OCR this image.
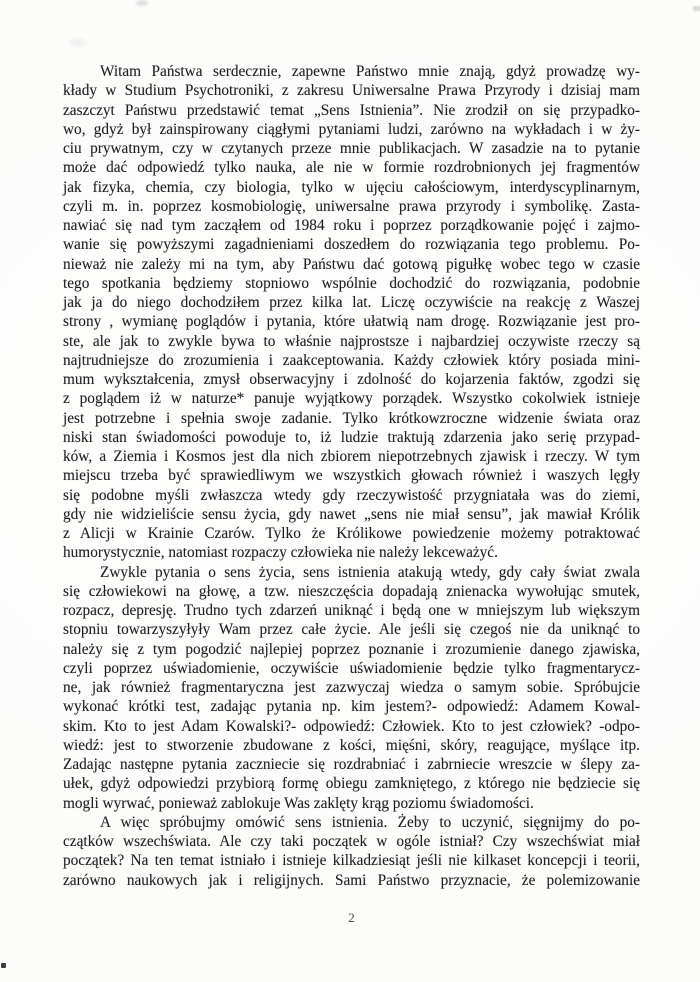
Witam Państwa serdecznie, zapewne Państwo mnie znają, gdyż prowadzę wy-
kłady w Studium Psychotroniki, z zakresu Uniwersalne Prawa Przyrody i dzisiaj mam
zaszczyt Państwu przedstawić temat „Sens Istnienia”. Nie zrodził on się przypadko-
wo, gdyż był zainspirowany ciągłymi pytaniami ludzi, zarówno na wykładach i w ży-
ciu prywatnym, czy w czytanych przeze mnie publikacjach. W zasadzie na to pytanie
może dać odpowiedź tylko nauka, ale nie w formie rozdrobnionych jej fragmentów
jak fizyka, chemia, czy biologia, tylko w ujęciu całościowym, interdyscyplinarnym,
czyli m. in. poprzez kosmobiologię, uniwersalne prawa przyrody i symbolikę. Zasta-
nawiać się nad tym zacząłem od 1984 roku i poprzez porządkowanie pojęć i zajmo-
wanie się powyższymi zagadnieniami doszedłem do rozwiązania tego problemu. Po-
nieważ nie zależy mi na tym, aby Państwu dać gotową pigułkę wobec tego w czasie
tego spotkania będziemy stopniowo wspólnie dochodzić do rozwiązania, podobnie
jak ja do niego dochodziłem przez kilka lat. Liczę oczywiście na reakcję z Waszej
strony , wymianę poglądów i pytania, które ułatwią nam drogę. Rozwiązanie jest pro-
ste, ale jak to zwykle bywa to właśnie najprostsze i najbardziej oczywiste rzeczy są
najtrudniejsze do zrozumienia i zaakceptowania. Każdy człowiek który posiada mini-
mum wykształcenia, zmysł obserwacyjny i zdolność do kojarzenia faktów, zgodzi się
z poglądem iż w naturze* panuje wyjątkowy porządek. Wszystko cokolwiek istnieje
jest potrzebne i spełnia swoje zadanie. Tylko krótkowzroczne widzenie świata oraz
niski stan świadomości powoduje to, iż ludzie traktują zdarzenia jako serię przypad-
ków, a Ziemia i Kosmos jest dla nich zbiorem niepotrzebnych zjawisk i rzeczy. W tym
miejscu trzeba być sprawiedliwym we wszystkich głowach również i waszych lęgły
się podobne myśli zwłaszcza wtedy gdy rzeczywistość przygniatała was do ziemi,
gdy nie widzieliście sensu życia, gdy nawet „sens nie miał sensu”, jak mawiał Królik
z Alicji w Krainie Czarów. Tylko że Królikowe powiedzenie możemy potraktować
humorystycznie, natomiast rozpaczy człowieka nie należy lekceważyć.
Zwykle pytania o sens życia, sens istnienia atakują wtedy, gdy cały świat zwala
się człowiekowi na głowę, a tzw. nieszczęścia dopadają znienacka wywołując smutek,
rozpacz, depresję. Trudno tych zdarzeń uniknąć i będą one w mniejszym lub większym
stopniu towarzyszyłyły Wam przez całe życie. Ale jeśli się czegoś nie da uniknąć to
należy się z tym pogodzić najlepiej poprzez poznanie i zrozumienie danego zjawiska,
czyli poprzez uświadomienie, oczywiście uświadomienie będzie tylko fragmentarycz-
ne, jak również fragmentaryczna jest zazwyczaj wiedza o samym sobie. Spróbujcie
wykonać krótki test, zadając pytania np. kim jestem?- odpowiedź: Adamem Kowal-
skim. Kto to jest Adam Kowalski?- odpowiedź: Człowiek. Kto to jest człowiek? -odpo-
wiedź: jest to stworzenie zbudowane z kości, mięśni, skóry, reagujące, myślące itp.
Zadając następne pytania zaczniecie się rozdrabniać i zabrniecie wreszcie w ślepy za-
ułek, gdyż odpowiedzi przybiorą formę obiegu zamkniętego, z którego nie będziecie się
mogli wyrwać, ponieważ zablokuje Was zaklęty krąg poziomu świadomości.
A więc spróbujmy omówić sens istnienia. Żeby to uczynić, sięgnijmy do po-
czątków wszechświata. Ale czy taki początek w ogóle istniał? Czy wszechświat miał
początek? Na ten temat istniało i istnieje kilkadziesiąt jeśli nie kilkaset koncepcji i teorii,
zarówno naukowych jak i religijnych. Sami Państwo przyznacie, że polemizowanie
2
